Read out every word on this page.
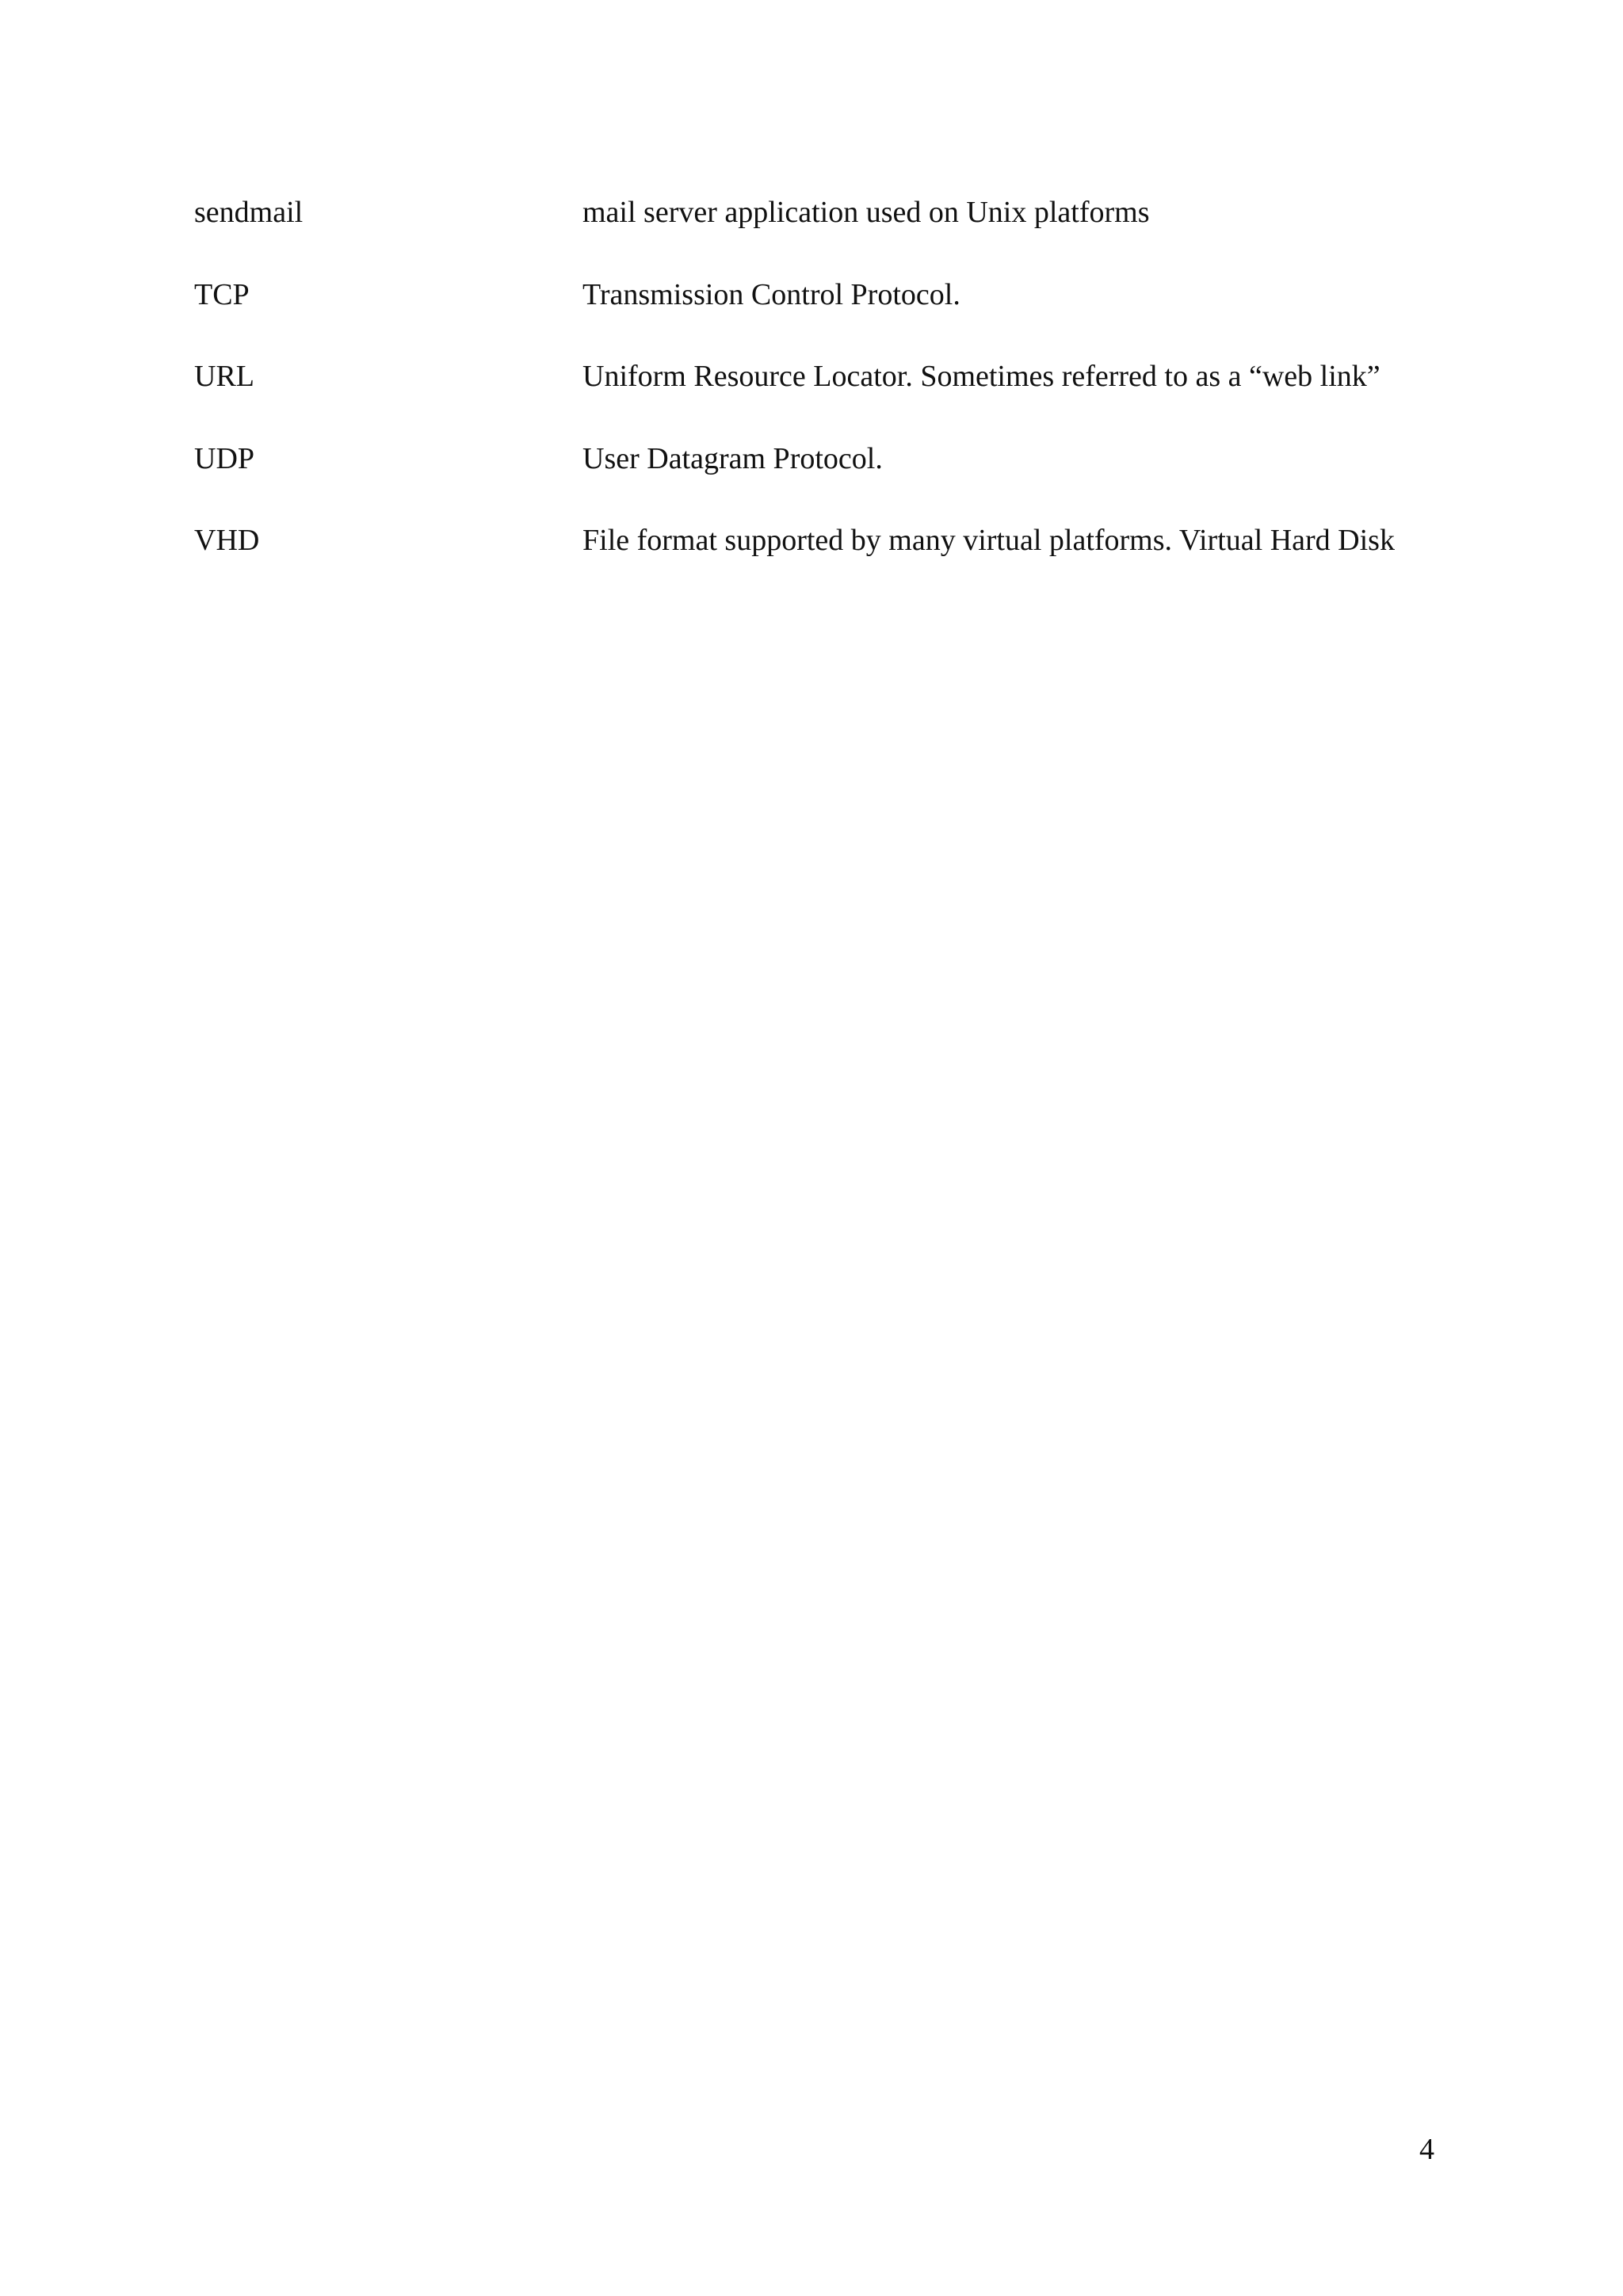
sendmail	mail server application used on Unix platforms
TCP	Transmission Control Protocol.
URL	Uniform Resource Locator. Sometimes referred to as a “web link”
UDP	User Datagram Protocol.
VHD	File format supported by many virtual platforms. Virtual Hard Disk
4
